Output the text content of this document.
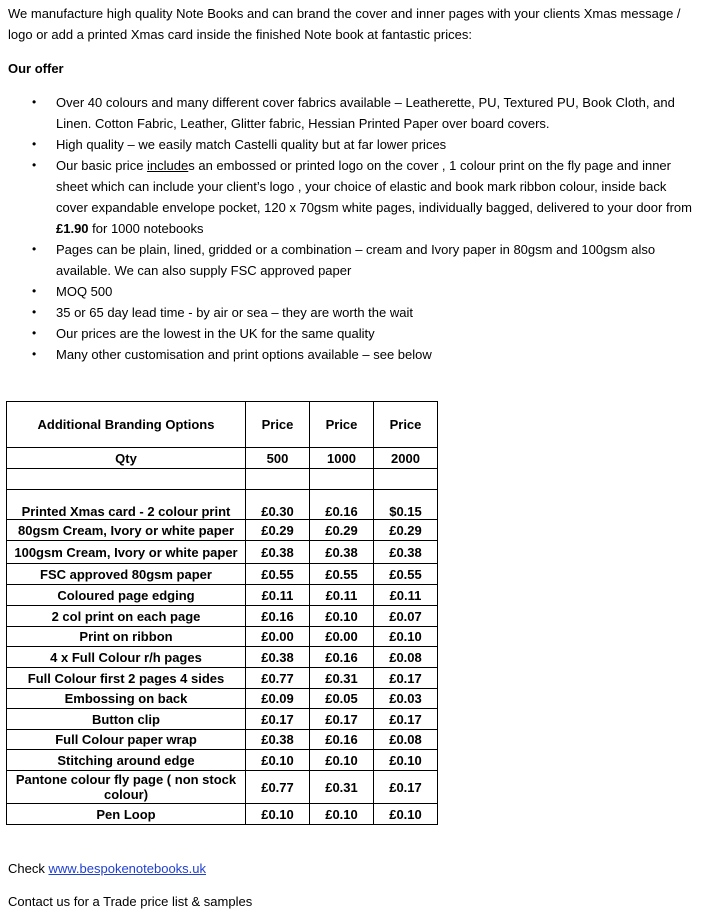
We manufacture high quality Note Books and can brand the cover and inner pages with your clients Xmas message / logo or add a printed Xmas card inside the finished Note book at fantastic prices:

Our offer

• Over 40 colours and many different cover fabrics available – Leatherette, PU, Textured PU, Book Cloth, and Linen. Cotton Fabric, Leather, Glitter fabric, Hessian Printed Paper over board covers.
• High quality – we easily match Castelli quality but at far lower prices
• Our basic price includes an embossed or printed logo on the cover , 1 colour print on the fly page and inner sheet which can include your client’s logo , your choice of elastic and book mark ribbon colour, inside back cover expandable envelope pocket, 120 x 70gsm white pages, individually bagged, delivered to your door from £1.90 for 1000 notebooks
• Pages can be plain, lined, gridded or a combination – cream and Ivory paper in 80gsm and 100gsm also available. We can also supply FSC approved paper
• MOQ 500
• 35 or 65 day lead time - by air or sea – they are worth the wait
• Our prices are the lowest in the UK for the same quality
• Many other customisation and print options available – see below
Additional Branding Options	Price	Price	Price
Qty	500	1000	2000

Printed Xmas card - 2 colour print	£0.30	£0.16	$0.15
80gsm Cream, Ivory or white paper	£0.29	£0.29	£0.29
100gsm Cream, Ivory or white paper	£0.38	£0.38	£0.38
FSC approved 80gsm paper	£0.55	£0.55	£0.55
Coloured page edging	£0.11	£0.11	£0.11
2 col print on each page	£0.16	£0.10	£0.07
Print on ribbon	£0.00	£0.00	£0.10
4 x Full Colour r/h pages	£0.38	£0.16	£0.08
Full Colour first 2 pages 4 sides	£0.77	£0.31	£0.17
Embossing on back	£0.09	£0.05	£0.03
Button clip	£0.17	£0.17	£0.17
Full Colour paper wrap	£0.38	£0.16	£0.08
Stitching around edge	£0.10	£0.10	£0.10
Pantone colour fly page ( non stock colour)	£0.77	£0.31	£0.17
Pen Loop	£0.10	£0.10	£0.10

Check www.bespokenotebooks.uk

Contact us for a Trade price list & samples
